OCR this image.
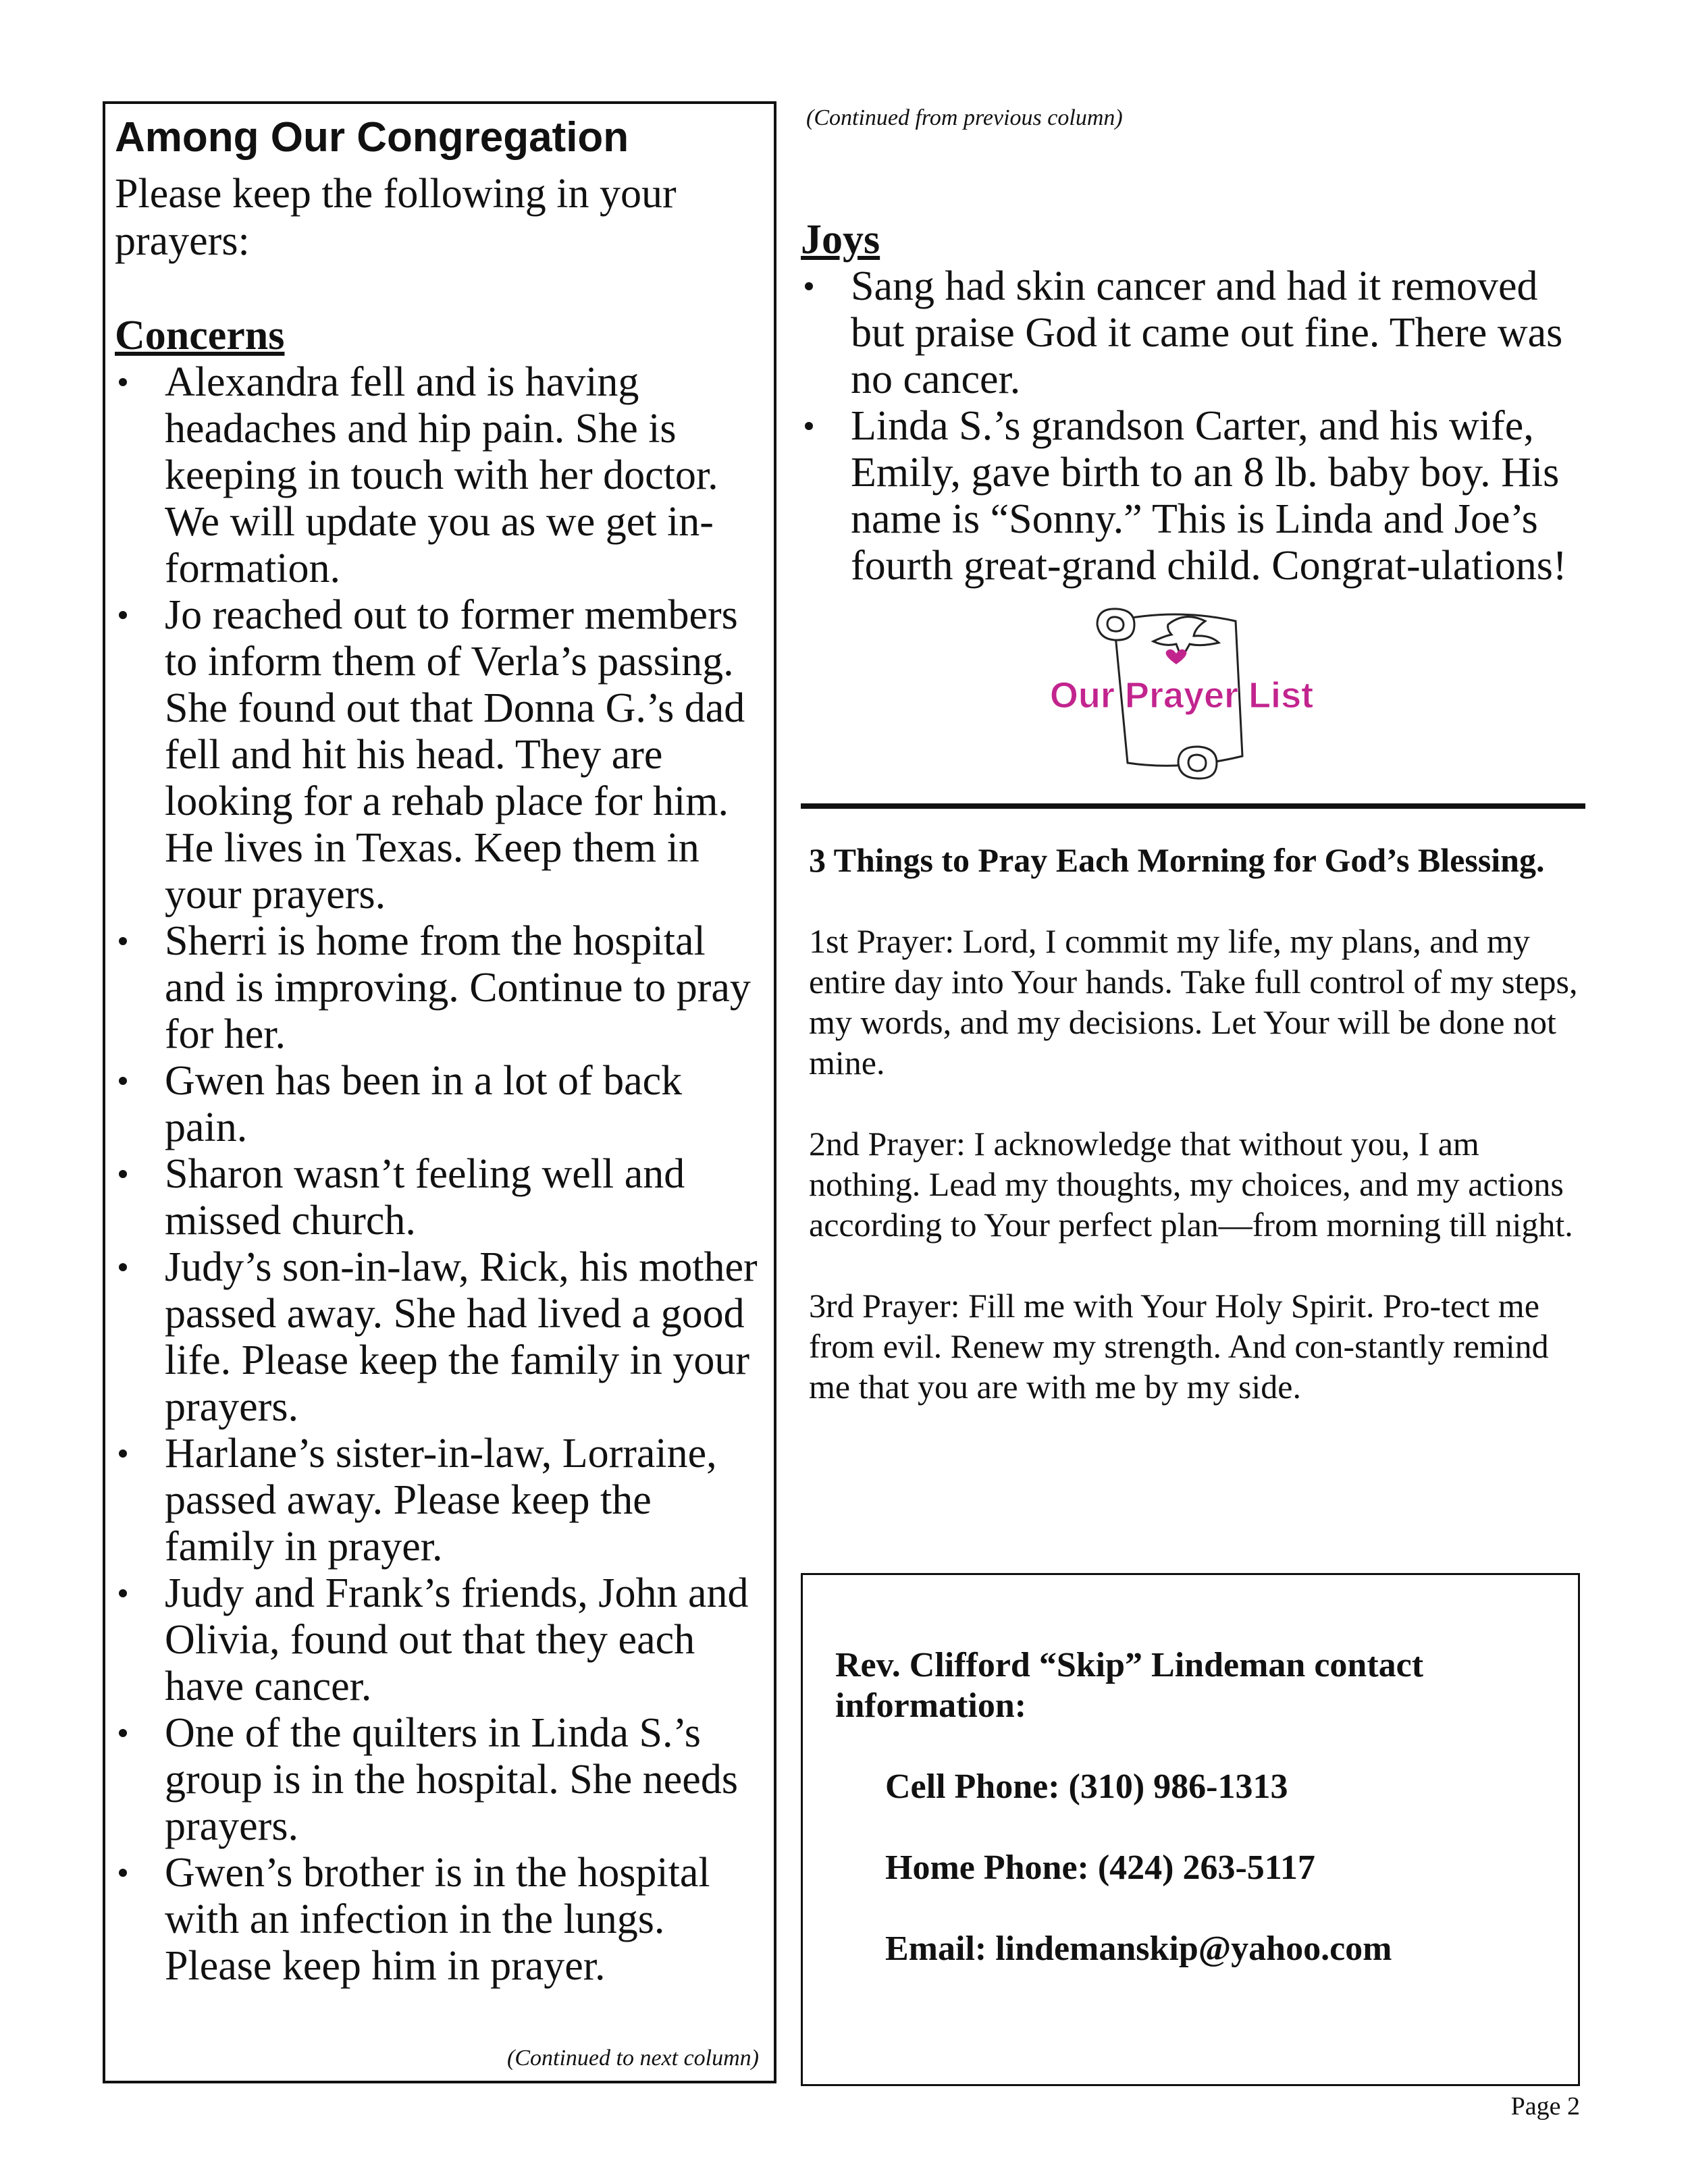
Among Our Congregation

Please keep the following in your prayers:

Concerns
Alexandra fell and is having headaches and hip pain. She is keeping in touch with her doctor. We will update you as we get in-formation.
Jo reached out to former members to inform them of Verla’s passing. She found out that Donna G.’s dad fell and hit his head. They are looking for a rehab place for him. He lives in Texas. Keep them in your prayers.
Sherri is home from the hospital and is improving. Continue to pray for her.
Gwen has been in a lot of back pain.
Sharon wasn’t feeling well and missed church.
Judy’s son-in-law, Rick, his mother passed away. She had lived a good life. Please keep the family in your prayers.
Harlane’s sister-in-law, Lorraine, passed away. Please keep the family in prayer.
Judy and Frank’s friends, John and Olivia, found out that they each have cancer.
One of the quilters in Linda S.’s group is in the hospital. She needs prayers.
Gwen’s brother is in the hospital with an infection in the lungs. Please keep him in prayer.
(Continued to next column)
(Continued from previous column)
Joys
Sang had skin cancer and had it removed but praise God it came out fine. There was no cancer.
Linda S.’s grandson Carter, and his wife, Emily, gave birth to an 8 lb. baby boy. His name is “Sonny.” This is Linda and Joe’s fourth great-grand child. Congrat-ulations!
Our Prayer List
3 Things to Pray Each Morning for God’s Blessing.

1st Prayer: Lord, I commit my life, my plans, and my entire day into Your hands. Take full control of my steps, my words, and my decisions. Let Your will be done not mine.

2nd Prayer: I acknowledge that without you, I am nothing. Lead my thoughts, my choices, and my actions according to Your perfect plan—from morning till night.

3rd Prayer: Fill me with Your Holy Spirit. Pro-tect me from evil. Renew my strength. And con-stantly remind me that you are with me by my side.

Rev. Clifford “Skip” Lindeman contact information:
Cell Phone: (310) 986-1313
Home Phone: (424) 263-5117
Email: lindemanskip@yahoo.com
Page 2
